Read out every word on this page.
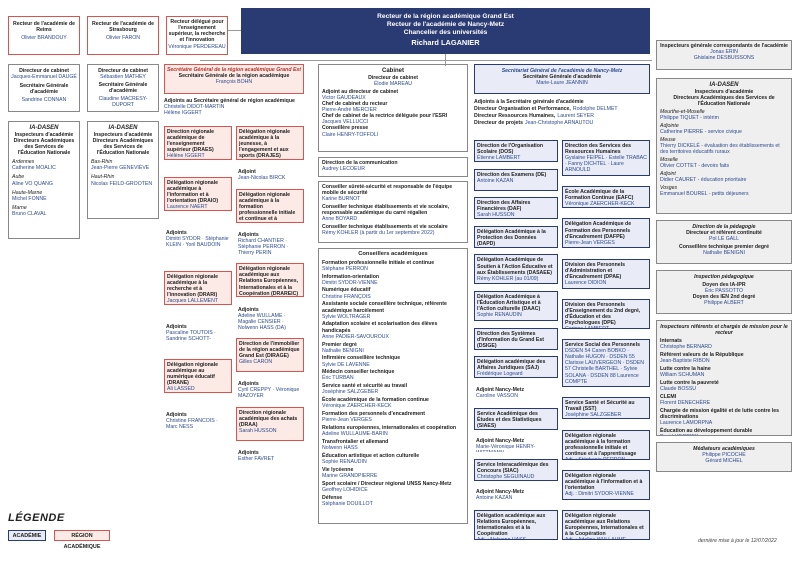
Recteur de l'académie de Reims
Olivier BRANDOUY
Recteur de l'académie de Strasbourg
Olivier FARON
Recteur délégué pour l'enseignement supérieur, la recherche et l'innovation
Véronique PERDEREAU
Recteur de la région académique Grand Est
Recteur de l'académie de Nancy-Metz
Chancelier des universités
Richard LAGANIER
Directeur de cabinet
Jacques-Emmanuel DAUGÉ
Secrétaire Générale d'académie
Sandrine CONNAN
IA-DASEN
Inspecteurs d'académie Directeurs Académiques des Services de l'Éducation Nationale
Ardennes
Catherine MOALIC
Aube
Aline VO QUANG
Haute-Marne
Michel FONNE
Marne
Bruno CLAVAL
Directeur de cabinet
Sébastien MATHEY
Secrétaire Générale d'académie
Claudine MACRESY-DUPORT
IA-DASEN
Inspecteurs d'académie Directeurs Académiques des Services de l'Éducation Nationale
Bas-Rhin
Jean-Pierre GENEVIÈVE
Haut-Rhin
Nicolas FEILD-GROOTEN
Secrétaire Général de la région académique Grand Est
Secrétaire Générale de la région académique
François BOHN
Adjoints au Secrétaire général de région académique
Christelle DIDOT-MARTIN
Hélène IGGERT
Direction régionale académique de l'enseignement supérieur (DRAES)
Hélène IGGERT
Délégation régionale académique à l'information et à l'orientation (DRAIO)
Laurence NAERT
Adjoints
Dimitri SYDOR · Stéphanie KLEIN · Yoril BAUDOIN
Délégation régionale académique à la recherche et à l'innovation (DRARI)
Jacques LALLEMENT
Adjoints
Pascaline TOUTOIS · Sandrine SCHOTT-
Délégation régionale académique au numérique éducatif (DRANE)
Ali LASSED
Adjoints
Christine FRANCOIS · Marc NESS
Délégation régionale académique à la jeunesse, à l'engagement et aux sports (DRAJES)
Adjoint
Jean-Nicolas BIRCK
Délégation régionale académique à la formation professionnelle initiale et continue et à
Adjoints
Richard CHANTIER · Stéphanie PERRON · Thierry PERIN
Délégation régionale académique aux Relations Européennes, Internationales et à la Coopération (DRAREIC)
Adjoints
Adeline WULLAME · Magalie CENSIER · Nolwenn HASS (DA)
Direction de l'immobilier de la région académique Grand Est (DIRAGE)
Gilles CARON
Adjoints
Cyril CREPPY · Véronique MAZOYER
Direction régionale académique des achats (DRAA)
Sarah HUSSON
Adjoints
Esther FAVRET
Cabinet
Directeur de cabinet
Élodie MAREAU
Adjoint au directeur de cabinet
Victor GAUDEAUX
Chef de cabinet du recteur
Pierre-André MERCIER
Chef de cabinet de la rectrice déléguée pour l'ESRI
Jacques VELLUCCI
Conseillère presse
Claire HENRY-TOFFOLI
Direction de la communication
Audrey LECOEUR
Conseiller sûreté-sécurité et responsable de l'équipe mobile de sécurité
Karine BURNOT
Conseiller technique établissements et vie scolaire, responsable académique du carré régalien
Anne BOYARD
Conseiller technique établissements et vie scolaire
Rémy KOHLER (à partir du 1er septembre 2022)
Conseillers académiques
Formation professionnelle initiale et continue
Stéphane PERRON
Information-orientation
Dimitri SYDOR-VIENNE
Numérique éducatif
Christine FRANÇOIS
Assistante sociale conseillère technique, référente académique harcèlement
Sylvie WOLTRAGER
Adaptation scolaire et scolarisation des élèves handicapés
Anne PADIER-SAVOUROUX
Premier degré
Nathalie BENIGNI
Infirmière conseillère technique
Sylvie DE LAVENNE
Médecin conseiller technique
Éric TURBAN
Service santé et sécurité au travail
Joséphine SALZGEBER
École académique de la formation continue
Véronique ZAERCHER-KECK
Formation des personnels d'encadrement
Pierre-Jean VERGES
Relations européennes, internationales et coopération
Adeline WULLAUME-BARIN
Transfrontalier et allemand
Nolwenn HASS
Éducation artistique et action culturelle
Sophie RENAUDIN
Vie lycéenne
Marine GRANDPIERRE
Sport scolaire / Directeur régional UNSS Nancy-Metz
Geoffrey LOHIDICE
Défense
Stéphanie DOUILLOT
Secrétariat Général de l'académie de Nancy-Metz
Secrétaire Générale d'académie
Marie-Laure JEANNIN
Adjoints à la Secrétaire générale d'académie
Directeur Organisation et Performance, Rodolphe DELMET
Directeur Ressources Humaines, Laurent SEYER
Directeur de projets Jean-Christophe ARNAUTOU
Direction de l'Organisation Scolaire (DOS)
Étienne LAMBERT
Direction des Examens (DE)
Antoine KAZAN
Direction des Affaires Financières (DAF)
Sarah HUSSON
Délégation Académique à la Protection des Données (DAPD)
Délégation Académique de Soutien à l'Action Éducative et aux Établissements (DASAEE)
Rémy KOHLER (au 01/09)
Délégation Académique à l'Éducation Artistique et à l'Action culturelle (DAAC)
Sophie RENAUDIN
Direction des Systèmes d'Information du Grand Est (DSIGE)
Délégation académique des Affaires Juridiques (SAJ)
Frédérique Logeard
Adjoint Nancy-Metz
Caroline VASSON
Service Académique des Études et des Statistiques (SIAES)
Adjoint Nancy-Metz
Marie-Véronique HENRY-
Service Interacadémique des Concours (SIAC)
Christophe SEGUINAUD
Adjoint Nancy-Metz
Antoine KAZAN
Délégation académique aux Relations Européennes, Internationales et à la Coopération
Direction des Services des Ressources Humaines
Gyslaine FEIPEL · Estelle TRABAC · Fanny DICHTEL · Laure ARNOULD
École Académique de la Formation Continue (EAFC)
Véronique ZAERCHER-KECK
Délégation Académique de Formation des Personnels d'Encadrement (DAFPE)
Pierre-Jean VERGES
Division des Personnels d'Administration et d'Encadrement (DPAE)
Laurence DIDION
Division des Personnels d'Enseignement du 2nd degré, d'Éducation et des Psychologues (DPE)
Service Social des Personnels
DSDEN 54 Caren BOBKO · Nathalie HUGON · DSDEN 55 Clarisse LAUVERGEON · DSDEN 57 Christelle BARTHEL · Sylvie SOLANA · DSDEN 88 Laurence COMPTE
Service Santé et Sécurité au Travail (SST)
Joséphine SALZGEBER
Délégation régionale académique à la formation professionnelle initiale et continue et à l'apprentissage
Délégation régionale académique à l'information et à l'orientation
Adj. : Dimitri SYDOR-VIENNE
Délégation régionale académique aux Relations Européennes, Internationales et à la Coopération
Inspecteurs générale correspondants de l'académie
Jonas ERIN
Ghislaine DESBUISSONS
IA-DASEN
Inspecteurs d'académie
Directeurs Académiques des Services de l'Éducation Nationale
Meurthe-et-Moselle
Philippe TIQUET - intérim
Adjointe
Catherine PIERRE - service civique
Meuse
Thierry DICKELÉ - évaluation des établissements et des territoires éducatifs ruraux
Moselle
Olivier COTTET - devoirs faits
Adjoint
Didier CAURET - éducation prioritaire
Vosges
Emmanuel BOUREL - petits déjeuners
Direction de la pédagogie
Directeur et référent continuité
Pol LE GALL
Conseillère technique premier degré
Nathalie BENIGNI
Inspection pédagogique
Doyen des IA-IPR
Éric PASSOTTO
Doyen des IEN 2nd degré
Philippe ALBERT
Inspecteurs référents et chargés de mission pour le recteur
Internats
Christophe BERNARD
Référent valeurs de la République
Jean-Baptiste RIBON
Lutte contre la haine
William SCHUMAN
Lutte contre la pauvreté
Claude BOSSU
CLEMI
Florent DENECHÈRE
Chargée de mission égalité et de lutte contre les discriminations
Laurence LAMORPNA
Éducation au développement durable
Médiateurs académiques
Philippe PICOCHE
Gérard MICHEL
LÉGENDE
ACADÉMIE	RÉGION ACADÉMIQUE
dernière mise à jour le 12/07/2022
